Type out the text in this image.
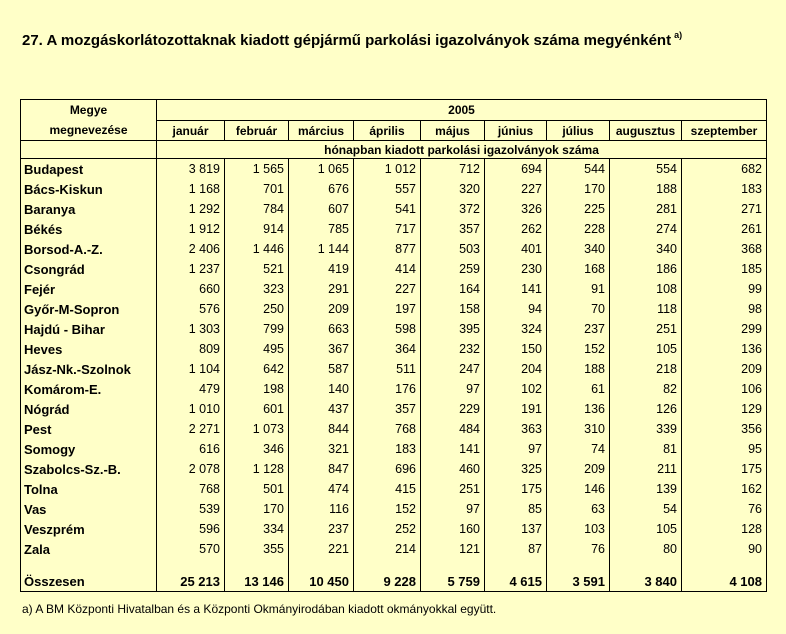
27. A mozgáskorlátozottaknak kiadott gépjármű parkolási igazolványok száma megyénként $^{a)}$
Megye
megnevezése	2005								
	január	február	március	április	május	június	július	augusztus	szeptember
	hónapban kiadott parkolási igazolványok száma								
Budapest	3 819	1 565	1 065	1 012	712	694	544	554	682
Bács-Kiskun	1 168	701	676	557	320	227	170	188	183
Baranya	1 292	784	607	541	372	326	225	281	271
Békés	1 912	914	785	717	357	262	228	274	261
Borsod-A.-Z.	2 406	1 446	1 144	877	503	401	340	340	368
Csongrád	1 237	521	419	414	259	230	168	186	185
Fejér	660	323	291	227	164	141	91	108	99
Győr-M-Sopron	576	250	209	197	158	94	70	118	98
Hajdú - Bihar	1 303	799	663	598	395	324	237	251	299
Heves	809	495	367	364	232	150	152	105	136
Jász-Nk.-Szolnok	1 104	642	587	511	247	204	188	218	209
Komárom-E.	479	198	140	176	97	102	61	82	106
Nógrád	1 010	601	437	357	229	191	136	126	129
Pest	2 271	1 073	844	768	484	363	310	339	356
Somogy	616	346	321	183	141	97	74	81	95
Szabolcs-Sz.-B.	2 078	1 128	847	696	460	325	209	211	175
Tolna	768	501	474	415	251	175	146	139	162
Vas	539	170	116	152	97	85	63	54	76
Veszprém	596	334	237	252	160	137	103	105	128
Zala	570	355	221	214	121	87	76	80	90

Összesen	25 213	13 146	10 450	9 228	5 759	4 615	3 591	3 840	4 108
a) A BM Központi Hivatalban és a Központi Okmányirodában kiadott okmányokkal együtt.
